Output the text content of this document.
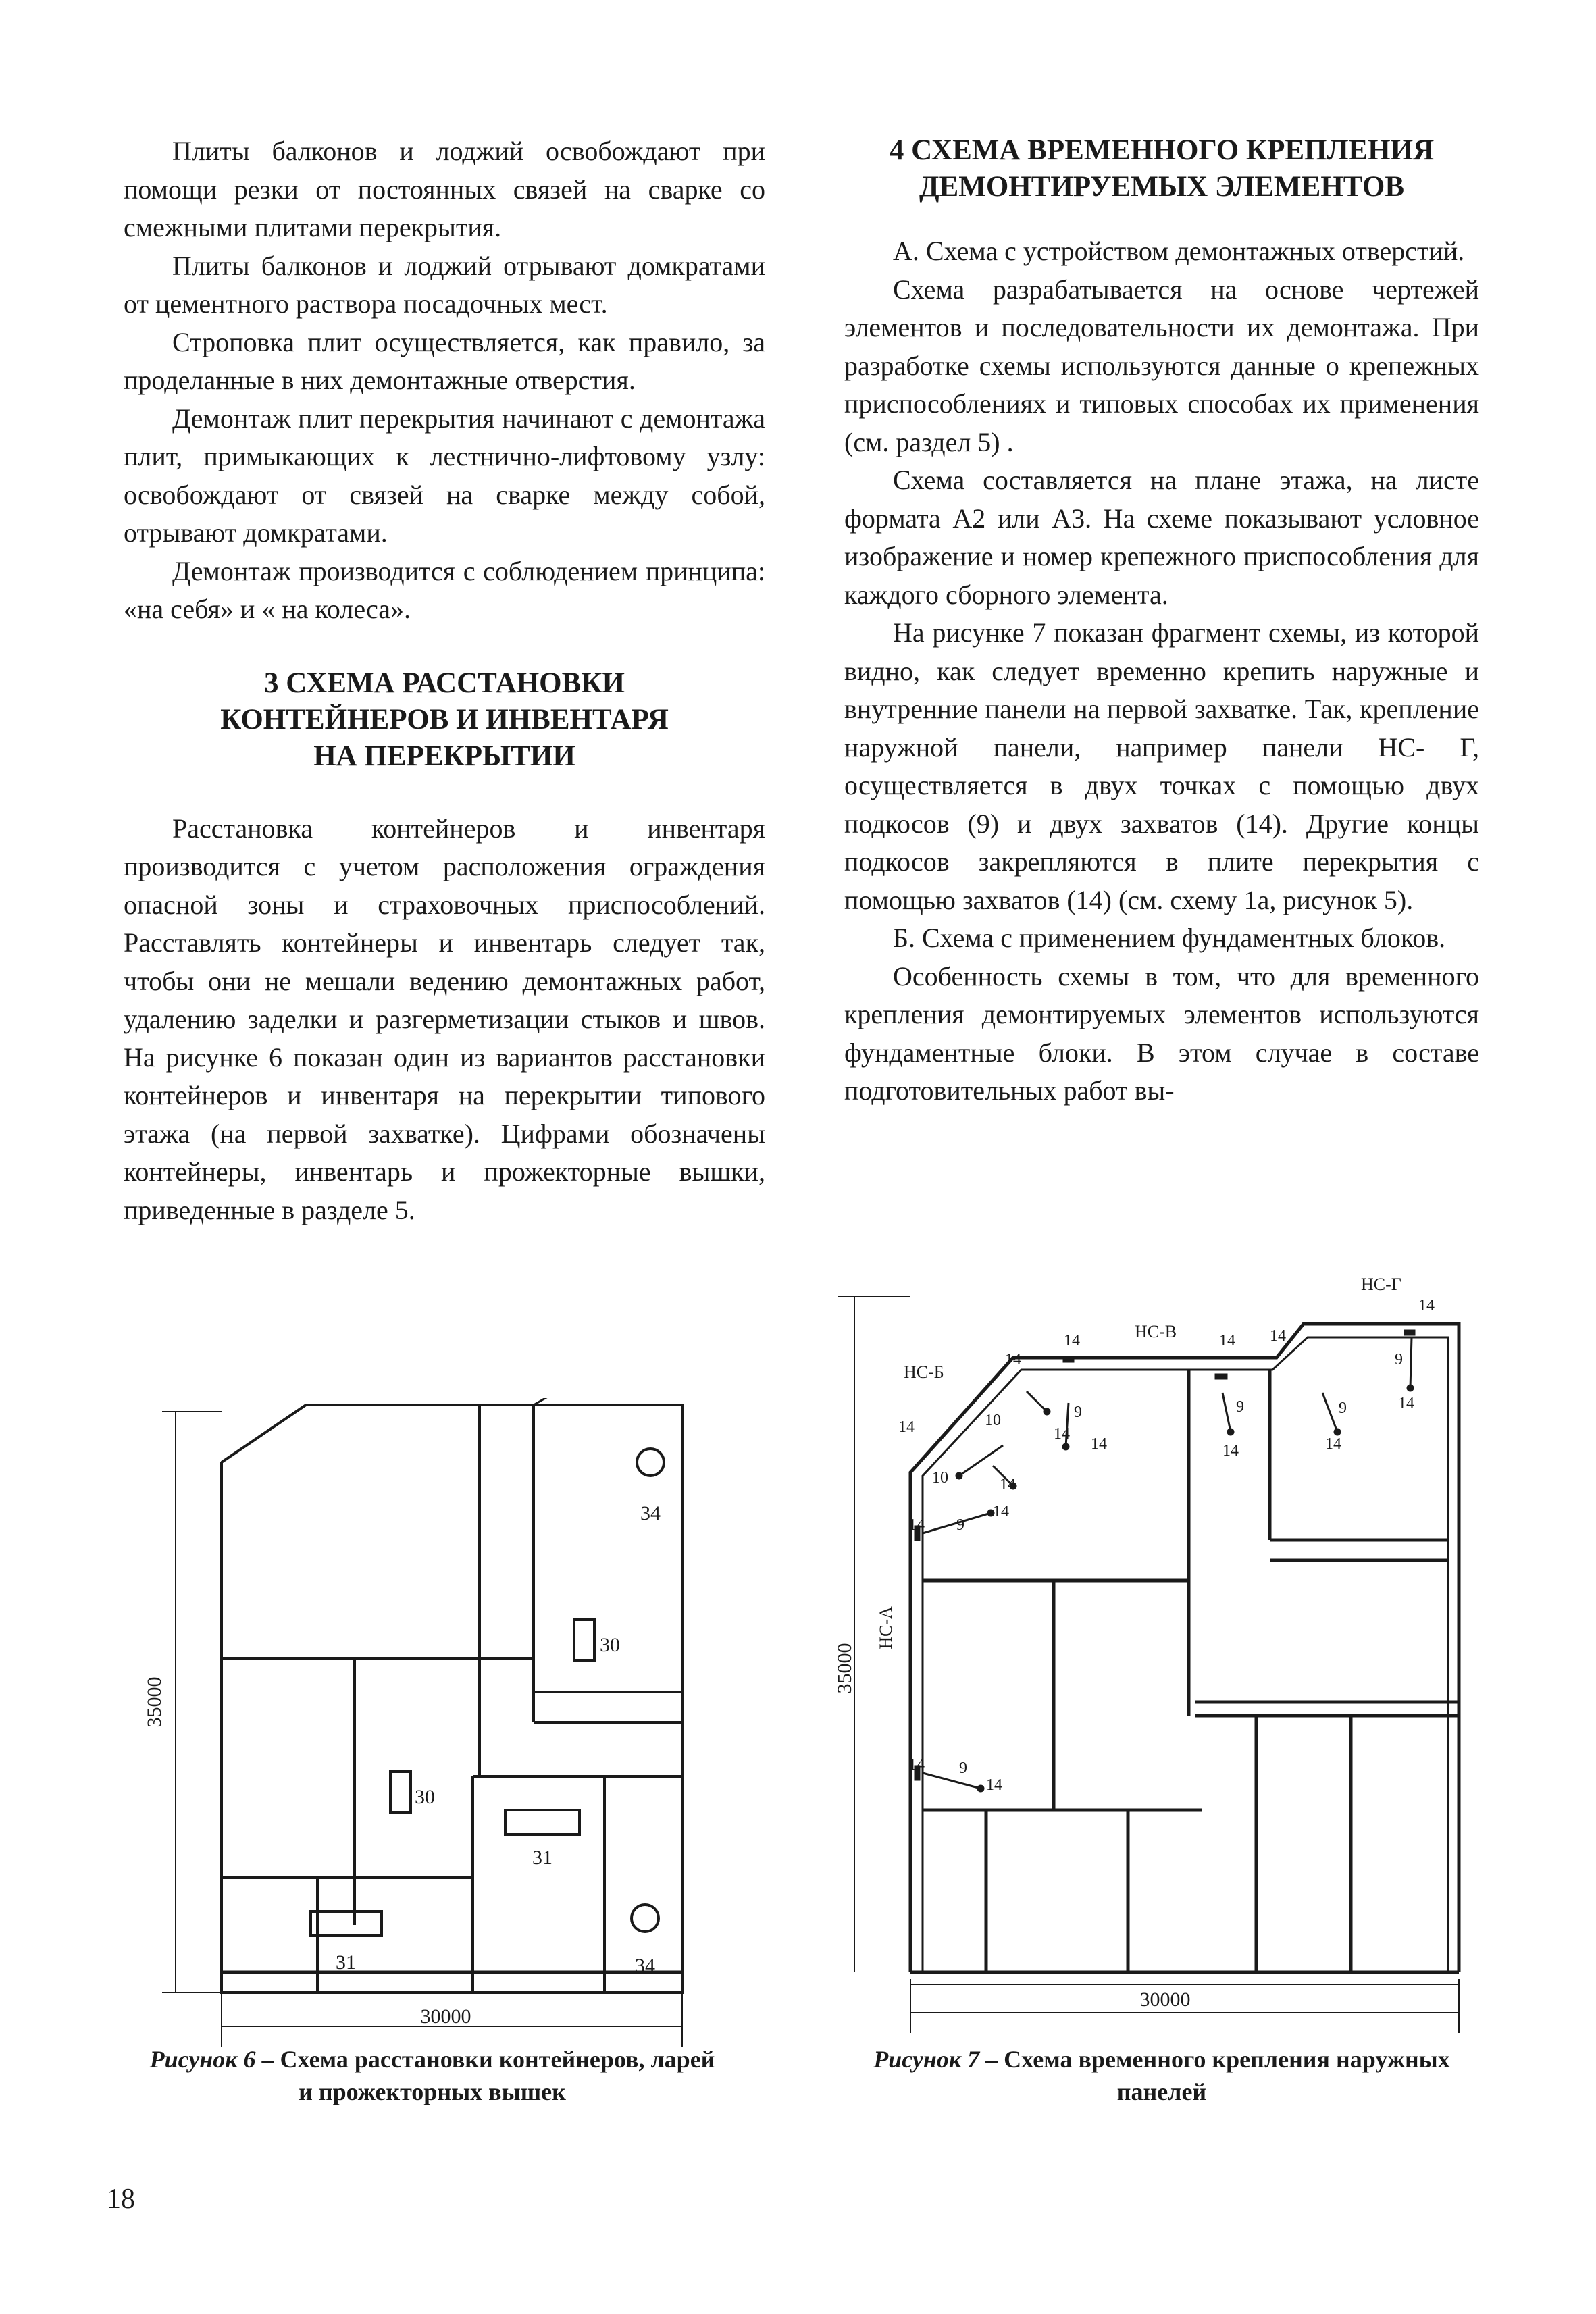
Плиты балконов и лоджий освобождают при помощи резки от постоянных связей на сварке со смежными плитами перекрытия.

Плиты балконов и лоджий отрывают домкратами от цементного раствора посадочных мест.

Строповка плит осуществляется, как правило, за проделанные в них демонтажные отверстия.

Демонтаж плит перекрытия начинают с демонтажа плит, примыкающих к лестнично-лифтовому узлу: освобождают от связей на сварке между собой, отрывают домкратами.

Демонтаж производится с соблюдением принципа: «на себя» и « на колеса».

3 СХЕМА РАССТАНОВКИ
КОНТЕЙНЕРОВ И ИНВЕНТАРЯ
НА ПЕРЕКРЫТИИ

Расстановка контейнеров и инвентаря производится с учетом расположения ограждения опасной зоны и страховочных приспособлений. Расставлять контейнеры и инвентарь следует так, чтобы они не мешали ведению демонтажных работ, удалению заделки и разгерметизации стыков и швов. На рисунке 6 показан один из вариантов расстановки контейнеров и инвентаря на перекрытии типового этажа (на первой захватке). Цифрами обозначены контейнеры, инвентарь и прожекторные вышки, приведенные в разделе 5.

4 СХЕМА ВРЕМЕННОГО КРЕПЛЕНИЯ
ДЕМОНТИРУЕМЫХ ЭЛЕМЕНТОВ

А. Схема с устройством демонтажных отверстий.

Схема разрабатывается на основе чертежей элементов и последовательности их демонтажа. При разработке схемы используются данные о крепежных приспособлениях и типовых способах их применения (см. раздел 5) .

Схема составляется на плане этажа, на листе формата А2 или А3. На схеме показывают условное изображение и номер крепежного приспособления для каждого сборного элемента.

На рисунке 7 показан фрагмент схемы, из которой видно, как следует временно крепить наружные и внутренние панели на первой захватке. Так, крепление наружной панели, например панели НС- Г, осуществляется в двух точках с помощью двух подкосов (9) и двух захватов (14). Другие концы подкосов закрепляются в плите перекрытия с помощью захватов (14) (см. схему 1а, рисунок 5).

Б. Схема с применением фундаментных блоков.

Особенность схемы в том, что для временного крепления демонтируемых элементов используются фундаментные блоки. В этом случае в составе подготовительных работ вы-

35000
30000
34
34
30
30
31
31
Рисунок 6 – Схема расстановки контейнеров, ларей
и прожекторных вышек
35000
30000
НС-А
НС-Б
НС-В
НС-Г
14	14 14
14
14
14
14
14
14
14
14
14	14	14
14
14
9	9	9
9
9
9
10
10
Рисунок 7 – Схема временного крепления наружных
панелей
18
